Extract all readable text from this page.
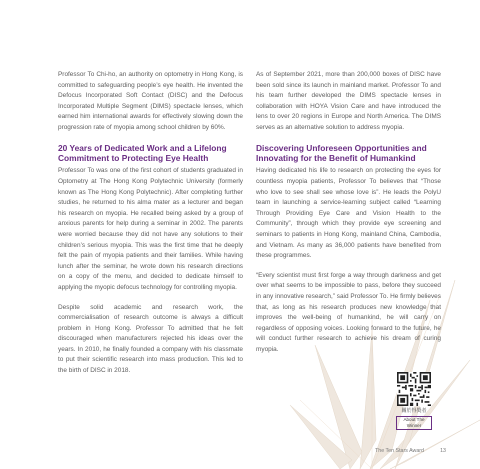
Professor To Chi-ho, an authority on optometry in Hong Kong, is committed to safeguarding people’s eye health. He invented the Defocus Incorporated Soft Contact (DISC) and the Defocus Incorporated Multiple Segment (DIMS) spectacle lenses, which earned him international awards for effectively slowing down the progression rate of myopia among school children by 60%.

20 Years of Dedicated Work and a Lifelong Commitment to Protecting Eye Health

Professor To was one of the first cohort of students graduated in Optometry at The Hong Kong Polytechnic University (formerly known as The Hong Kong Polytechnic). After completing further studies, he returned to his alma mater as a lecturer and began his research on myopia. He recalled being asked by a group of anxious parents for help during a seminar in 2002. The parents were worried because they did not have any solutions to their children’s serious myopia. This was the first time that he deeply felt the pain of myopia patients and their families. While having lunch after the seminar, he wrote down his research directions on a copy of the menu, and decided to dedicate himself to applying the myopic defocus technology for controlling myopia.

Despite solid academic and research work, the commercialisation of research outcome is always a difficult problem in Hong Kong. Professor To admitted that he felt discouraged when manufacturers rejected his ideas over the years. In 2010, he finally founded a company with his classmate to put their scientific research into mass production. This led to the birth of DISC in 2018.

As of September 2021, more than 200,000 boxes of DISC have been sold since its launch in mainland market. Professor To and his team further developed the DIMS spectacle lenses in collaboration with HOYA Vision Care and have introduced the lens to over 20 regions in Europe and North America. The DIMS serves as an alternative solution to address myopia.

Discovering Unforeseen Opportunities and Innovating for the Benefit of Humankind

Having dedicated his life to research on protecting the eyes for countless myopia patients, Professor To believes that “Those who love to see shall see whose love is”. He leads the PolyU team in launching a service-learning subject called “Learning Through Providing Eye Care and Vision Health to the Community”, through which they provide eye screening and seminars to patients in Hong Kong, mainland China, Cambodia, and Vietnam. As many as 36,000 patients have benefited from these programmes.

“Every scientist must first forge a way through darkness and get over what seems to be impossible to pass, before they succeed in any innovative research,” said Professor To. He firmly believes that, as long as his research produces new knowledge that improves the well-being of humankind, he will carry on regardless of opposing voices. Looking forward to the future, he will conduct further research to achieve his dream of curing myopia.

關於得獎者
About The Winner
The Ten Stars Award	13
